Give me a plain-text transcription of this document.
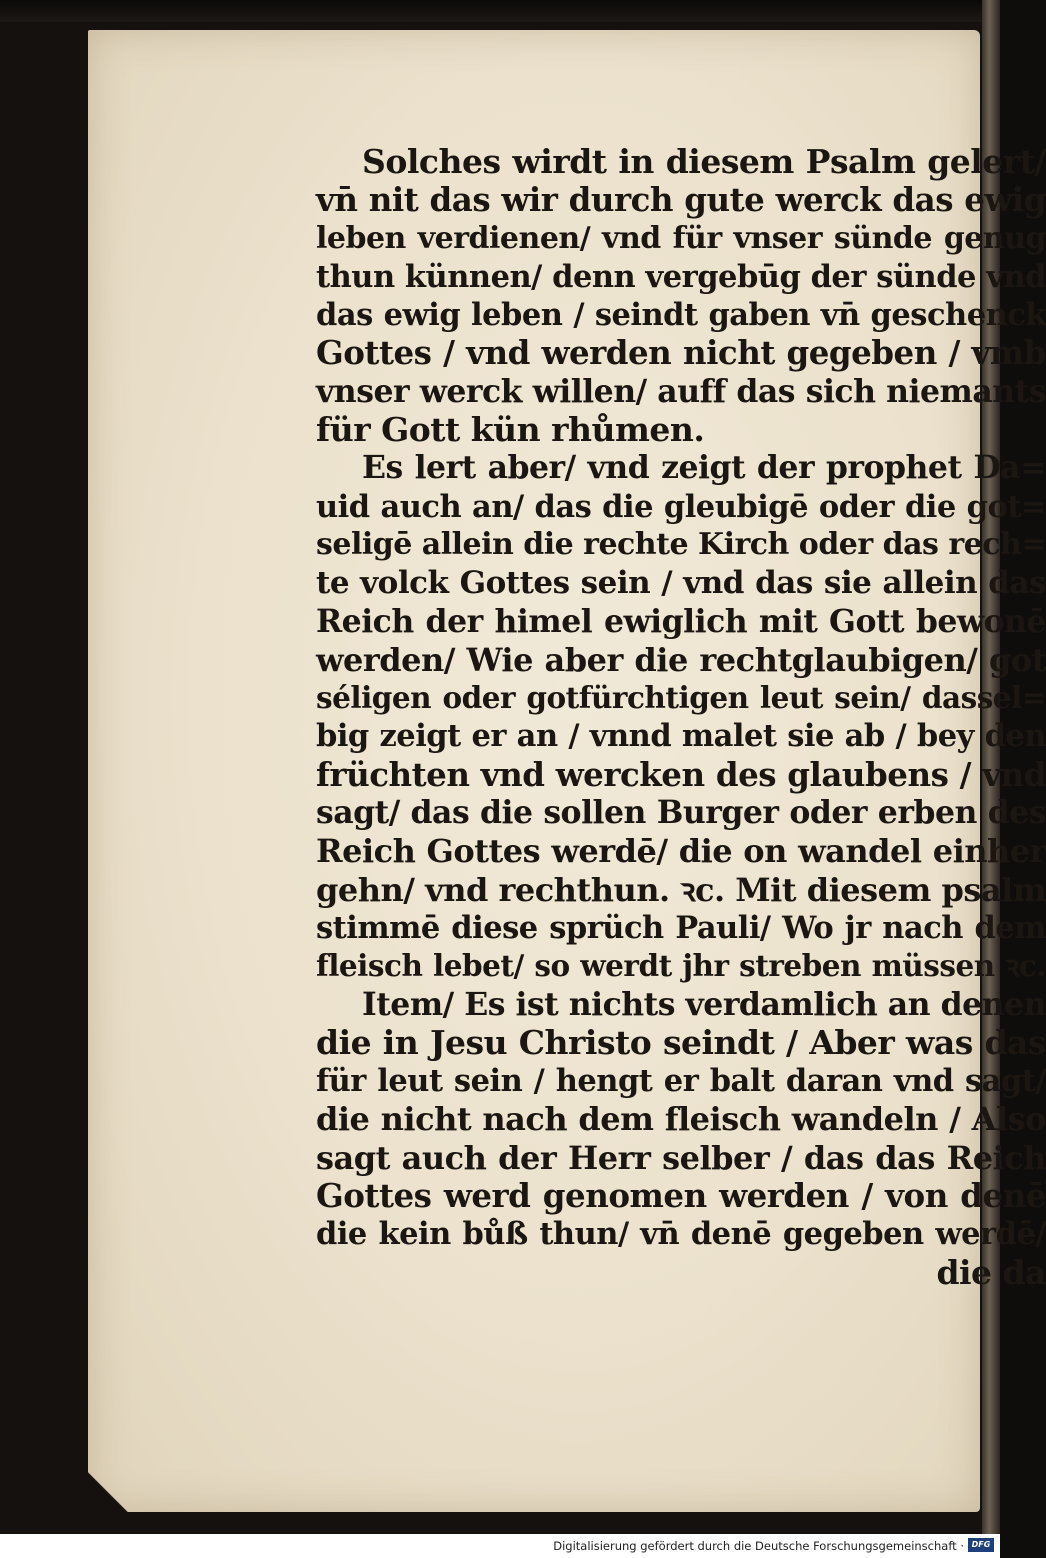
Solches wirdt in diesem Psalm gelert/
vn̄ nit das wir durch gute werck das ewig
leben verdienen/ vnd für vnser sünde genug
thun künnen/ denn vergebūg der sünde vnd
das ewig leben / seindt gaben vn̄ geschenck
Gottes / vnd werden nicht gegeben / vmb
vnser werck willen/ auff das sich niemants
für Gott kün rhůmen.
Es lert aber/ vnd zeigt der prophet Da=
uid auch an/ das die gleubigē oder die got=
seligē allein die rechte Kirch oder das rech=
te volck Gottes sein / vnd das sie allein das
Reich der himel ewiglich mit Gott bewonē
werden/ Wie aber die rechtglaubigen/ got
séligen oder gotfürchtigen leut sein/ dassel=
big zeigt er an / vnnd malet sie ab / bey den
früchten vnd wercken des glaubens / vnd
sagt/ das die sollen Burger oder erben des
Reich Gottes werdē/ die on wandel einher
gehn/ vnd rechthun. ꝛc. Mit diesem psalm
stimmē diese sprüch Pauli/ Wo jr nach dem
fleisch lebet/ so werdt jhr streben müssen ꝛc.
Item/ Es ist nichts verdamlich an denen
die in Jesu Christo seindt / Aber was das
für leut sein / hengt er balt daran vnd sagt/
die nicht nach dem fleisch wandeln / Also
sagt auch der Herr selber / das das Reich
Gottes werd genomen werden / von denē
die kein bůß thun/ vn̄ denē gegeben werdē/
die da
Digitalisierung gefördert durch die Deutsche Forschungsgemeinschaft · DFG
